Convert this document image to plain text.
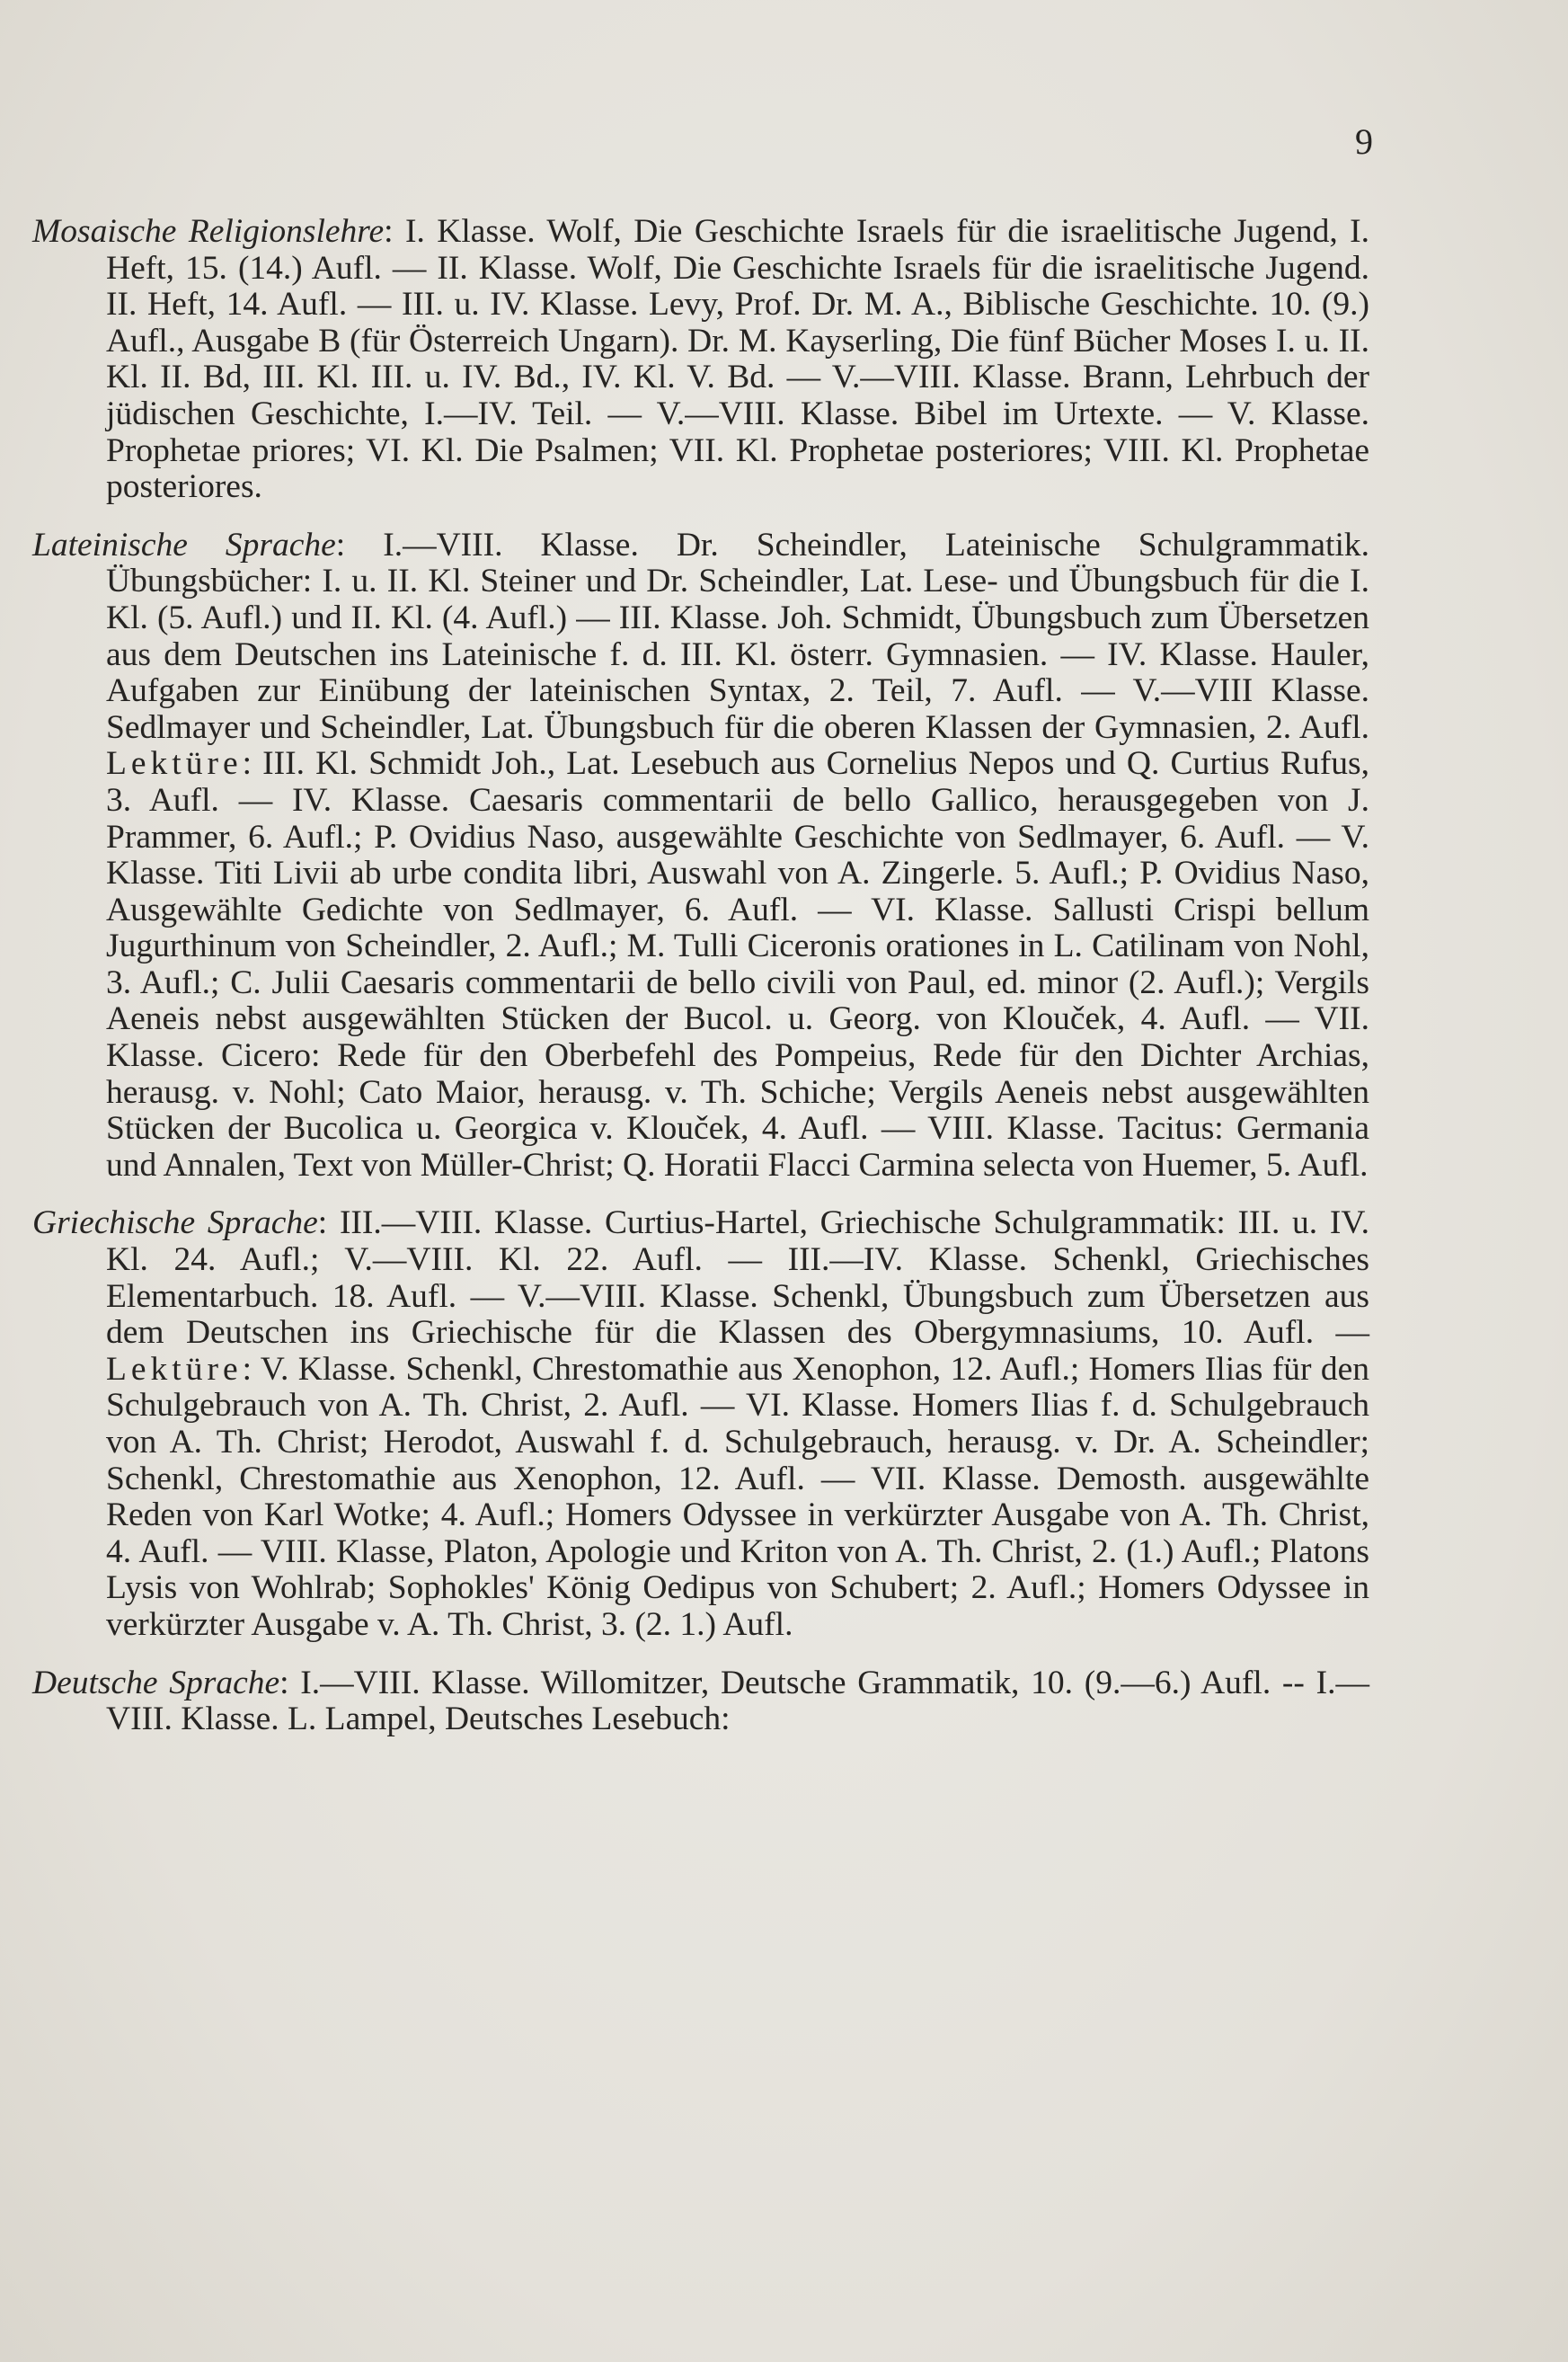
9

Mosaische Religionslehre: I. Klasse. Wolf, Die Geschichte Israels für die israelitische Jugend, I. Heft, 15. (14.) Aufl. — II. Klasse. Wolf, Die Geschichte Israels für die israelitische Jugend. II. Heft, 14. Aufl. — III. u. IV. Klasse. Levy, Prof. Dr. M. A., Biblische Geschichte. 10. (9.) Aufl., Ausgabe B (für Österreich Ungarn). Dr. M. Kayserling, Die fünf Bücher Moses I. u. II. Kl. II. Bd, III. Kl. III. u. IV. Bd., IV. Kl. V. Bd. — V.—VIII. Klasse. Brann, Lehrbuch der jüdischen Geschichte, I.—IV. Teil. — V.—VIII. Klasse. Bibel im Urtexte. — V. Klasse. Prophetae priores; VI. Kl. Die Psalmen; VII. Kl. Prophetae posteriores; VIII. Kl. Prophetae posteriores.

Lateinische Sprache: I.—VIII. Klasse. Dr. Scheindler, Lateinische Schulgrammatik. Übungsbücher: I. u. II. Kl. Steiner und Dr. Scheindler, Lat. Lese- und Übungsbuch für die I. Kl. (5. Aufl.) und II. Kl. (4. Aufl.) — III. Klasse. Joh. Schmidt, Übungsbuch zum Übersetzen aus dem Deutschen ins Lateinische f. d. III. Kl. österr. Gymnasien. — IV. Klasse. Hauler, Aufgaben zur Einübung der lateinischen Syntax, 2. Teil, 7. Aufl. — V.—VIII Klasse. Sedlmayer und Scheindler, Lat. Übungsbuch für die oberen Klassen der Gymnasien, 2. Aufl. Lektüre: III. Kl. Schmidt Joh., Lat. Lesebuch aus Cornelius Nepos und Q. Curtius Rufus, 3. Aufl. — IV. Klasse. Caesaris commentarii de bello Gallico, herausgegeben von J. Prammer, 6. Aufl.; P. Ovidius Naso, ausgewählte Geschichte von Sedlmayer, 6. Aufl. — V. Klasse. Titi Livii ab urbe condita libri, Auswahl von A. Zingerle. 5. Aufl.; P. Ovidius Naso, Ausgewählte Gedichte von Sedlmayer, 6. Aufl. — VI. Klasse. Sallusti Crispi bellum Jugurthinum von Scheindler, 2. Aufl.; M. Tulli Ciceronis orationes in L. Catilinam von Nohl, 3. Aufl.; C. Julii Caesaris commentarii de bello civili von Paul, ed. minor (2. Aufl.); Vergils Aeneis nebst ausgewählten Stücken der Bucol. u. Georg. von Klouček, 4. Aufl. — VII. Klasse. Cicero: Rede für den Oberbefehl des Pompeius, Rede für den Dichter Archias, herausg. v. Nohl; Cato Maior, herausg. v. Th. Schiche; Vergils Aeneis nebst ausgewählten Stücken der Bucolica u. Georgica v. Klouček, 4. Aufl. — VIII. Klasse. Tacitus: Germania und Annalen, Text von Müller-Christ; Q. Horatii Flacci Carmina selecta von Huemer, 5. Aufl.

Griechische Sprache: III.—VIII. Klasse. Curtius-Hartel, Griechische Schulgrammatik: III. u. IV. Kl. 24. Aufl.; V.—VIII. Kl. 22. Aufl. — III.—IV. Klasse. Schenkl, Griechisches Elementarbuch. 18. Aufl. — V.—VIII. Klasse. Schenkl, Übungsbuch zum Übersetzen aus dem Deutschen ins Griechische für die Klassen des Obergymnasiums, 10. Aufl. — Lektüre: V. Klasse. Schenkl, Chrestomathie aus Xenophon, 12. Aufl.; Homers Ilias für den Schulgebrauch von A. Th. Christ, 2. Aufl. — VI. Klasse. Homers Ilias f. d. Schulgebrauch von A. Th. Christ; Herodot, Auswahl f. d. Schulgebrauch, herausg. v. Dr. A. Scheindler; Schenkl, Chrestomathie aus Xenophon, 12. Aufl. — VII. Klasse. Demosth. ausgewählte Reden von Karl Wotke; 4. Aufl.; Homers Odyssee in verkürzter Ausgabe von A. Th. Christ, 4. Aufl. — VIII. Klasse, Platon, Apologie und Kriton von A. Th. Christ, 2. (1.) Aufl.; Platons Lysis von Wohlrab; Sophokles' König Oedipus von Schubert; 2. Aufl.; Homers Odyssee in verkürzter Ausgabe v. A. Th. Christ, 3. (2. 1.) Aufl.

Deutsche Sprache: I.—VIII. Klasse. Willomitzer, Deutsche Grammatik, 10. (9.—6.) Aufl. -- I.—VIII. Klasse. L. Lampel, Deutsches Lesebuch:
